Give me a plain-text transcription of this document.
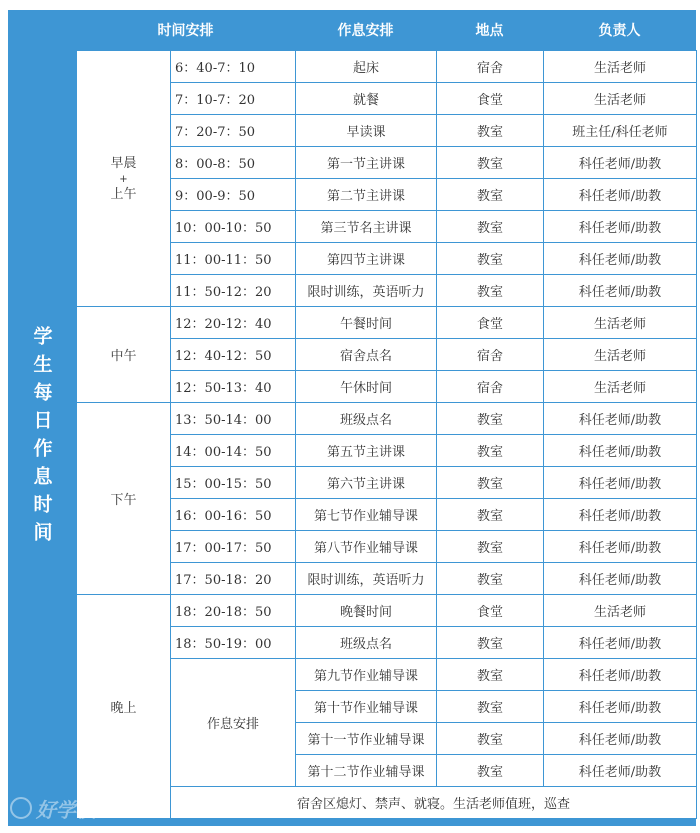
时间安排	作息安排	地点	负责人
学生每日作息时间
早晨
+
上午	6：40-7：10	起床	宿舍	生活老师
	7：10-7：20	就餐	食堂	生活老师
	7：20-7：50	早读课	教室	班主任/科任老师
	8：00-8：50	第一节主讲课	教室	科任老师/助教
	9：00-9：50	第二节主讲课	教室	科任老师/助教
	10：00-10：50	第三节名主讲课	教室	科任老师/助教
	11：00-11：50	第四节主讲课	教室	科任老师/助教
	11：50-12：20	限时训练，英语听力	教室	科任老师/助教
中午	12：20-12：40	午餐时间	食堂	生活老师
	12：40-12：50	宿舍点名	宿舍	生活老师
	12：50-13：40	午休时间	宿舍	生活老师
下午	13：50-14：00	班级点名	教室	科任老师/助教
	14：00-14：50	第五节主讲课	教室	科任老师/助教
	15：00-15：50	第六节主讲课	教室	科任老师/助教
	16：00-16：50	第七节作业辅导课	教室	科任老师/助教
	17：00-17：50	第八节作业辅导课	教室	科任老师/助教
	17：50-18：20	限时训练，英语听力	教室	科任老师/助教
晚上	18：20-18：50	晚餐时间	食堂	生活老师
	18：50-19：00	班级点名	教室	科任老师/助教
	作息安排	第九节作业辅导课	教室	科任老师/助教
		第十节作业辅导课	教室	科任老师/助教
		第十一节作业辅导课	教室	科任老师/助教
		第十二节作业辅导课	教室	科任老师/助教
	宿舍区熄灯、禁声、就寝。生活老师值班，巡查			
好学校
